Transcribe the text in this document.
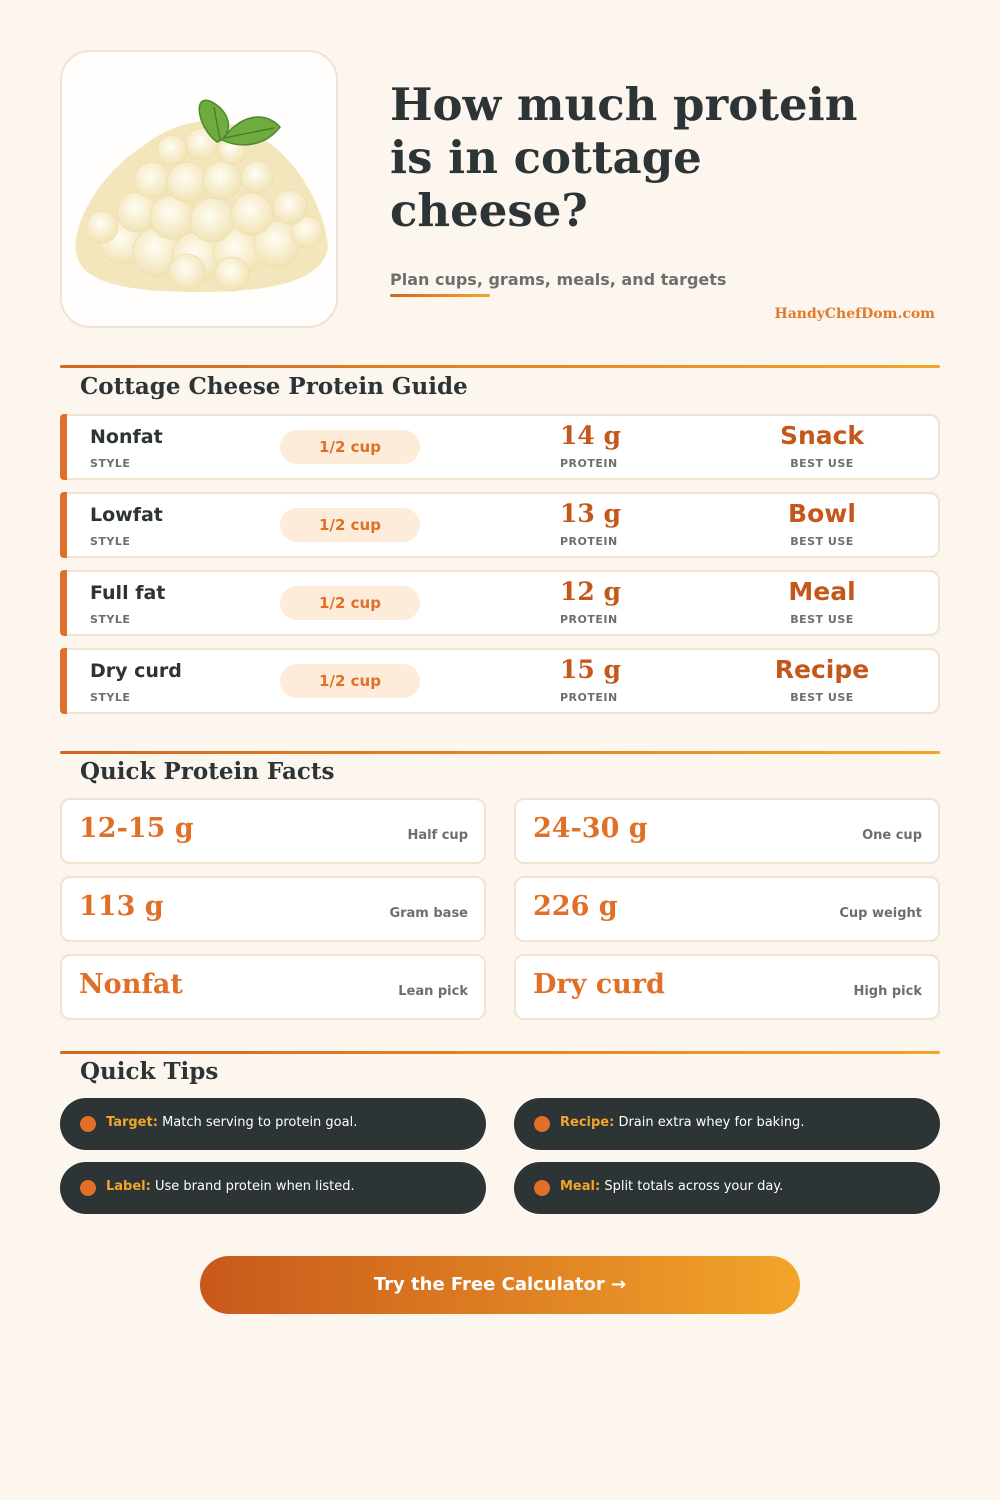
How much protein is in cottage cheese?
Plan cups, grams, meals, and targets
HandyChefDom.com
Cottage Cheese Protein Guide
Nonfat
STYLE
1/2 cup	14 g
PROTEIN
Snack
BEST USE
Lowfat
STYLE
1/2 cup	13 g
PROTEIN
Bowl
BEST USE
Full fat
STYLE
1/2 cup	12 g
PROTEIN
Meal
BEST USE
Dry curd
STYLE
1/2 cup	15 g
PROTEIN
Recipe
BEST USE
Quick Protein Facts
12-15 g	Half cup 24-30 g	One cup
113 g	Gram base 226 g	Cup weight
Nonfat	Lean pick Dry curd	High pick
Quick Tips
Target: Match serving to protein goal.	Recipe: Drain extra whey for baking.
Label: Use brand protein when listed.	Meal: Split totals across your day.
Try the Free Calculator →
